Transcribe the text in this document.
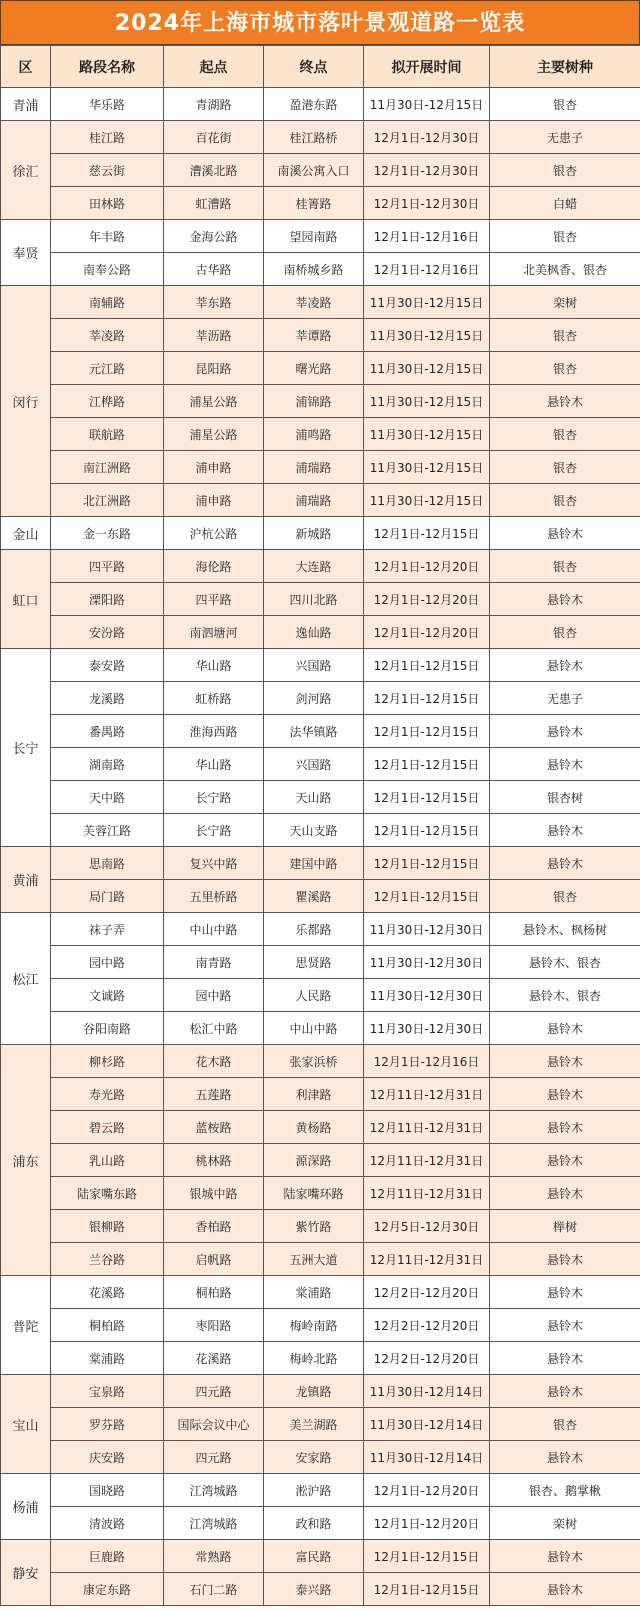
2024年上海市城市落叶景观道路一览表
区	路段名称	起点	终点	拟开展时间	主要树种
青浦	华乐路	青湖路	盈港东路	11月30日-12月15日	银杏
徐汇	桂江路	百花街	桂江路桥	12月1日-12月30日	无患子
	慈云街	漕溪北路	南溪公寓入口	12月1日-12月30日	银杏
	田林路	虹漕路	桂箐路	12月1日-12月30日	白蜡
奉贤	年丰路	金海公路	望园南路	12月1日-12月16日	银杏
	南奉公路	古华路	南桥城乡路	12月1日-12月16日	北美枫香、银杏
闵行	南辅路	莘东路	莘凌路	11月30日-12月15日	栾树
	莘凌路	莘沥路	莘谭路	11月30日-12月15日	银杏
	元江路	昆阳路	曙光路	11月30日-12月15日	银杏
	江桦路	浦星公路	浦锦路	11月30日-12月15日	悬铃木
	联航路	浦星公路	浦鸣路	11月30日-12月15日	银杏
	南江洲路	浦申路	浦瑞路	11月30日-12月15日	银杏
	北江洲路	浦申路	浦瑞路	11月30日-12月15日	银杏
金山	金一东路	沪杭公路	新城路	12月1日-12月15日	悬铃木
虹口	四平路	海伦路	大连路	12月1日-12月20日	银杏
	溧阳路	四平路	四川北路	12月1日-12月20日	悬铃木
	安汾路	南泗塘河	逸仙路	12月1日-12月20日	银杏
长宁	泰安路	华山路	兴国路	12月1日-12月15日	悬铃木
	龙溪路	虹桥路	剑河路	12月1日-12月15日	无患子
	番禺路	淮海西路	法华镇路	12月1日-12月15日	悬铃木
	湖南路	华山路	兴国路	12月1日-12月15日	悬铃木
	天中路	长宁路	天山路	12月1日-12月15日	银杏树
	芙蓉江路	长宁路	天山支路	12月1日-12月15日	悬铃木
黄浦	思南路	复兴中路	建国中路	12月1日-12月15日	悬铃木
	局门路	五里桥路	瞿溪路	12月1日-12月15日	银杏
松江	袜子弄	中山中路	乐都路	11月30日-12月30日	悬铃木、枫杨树
	园中路	南青路	思贤路	11月30日-12月30日	悬铃木、银杏
	文诚路	园中路	人民路	11月30日-12月30日	悬铃木、银杏
	谷阳南路	松汇中路	中山中路	11月30日-12月30日	悬铃木
浦东	柳杉路	花木路	张家浜桥	12月1日-12月16日	悬铃木
	寿光路	五莲路	利津路	12月11日-12月31日	悬铃木
	碧云路	蓝桉路	黄杨路	12月11日-12月31日	悬铃木
	乳山路	桃林路	源深路	12月11日-12月31日	悬铃木
	陆家嘴东路	银城中路	陆家嘴环路	12月11日-12月31日	悬铃木
	银柳路	香柏路	紫竹路	12月5日-12月30日	榉树
	兰谷路	启帆路	五洲大道	12月11日-12月31日	悬铃木
普陀	花溪路	桐柏路	棠浦路	12月2日-12月20日	悬铃木
	桐柏路	枣阳路	梅岭南路	12月2日-12月20日	悬铃木
	棠浦路	花溪路	梅岭北路	12月2日-12月20日	悬铃木
宝山	宝泉路	四元路	龙镇路	11月30日-12月14日	悬铃木
	罗芬路	国际会议中心	美兰湖路	11月30日-12月14日	银杏
	庆安路	四元路	安家路	11月30日-12月14日	悬铃木
杨浦	国晓路	江湾城路	淞沪路	12月1日-12月20日	银杏、鹅掌楸
	清波路	江湾城路	政和路	12月1日-12月20日	栾树
静安	巨鹿路	常熟路	富民路	12月1日-12月15日	悬铃木
	康定东路	石门二路	泰兴路	12月1日-12月15日	悬铃木
